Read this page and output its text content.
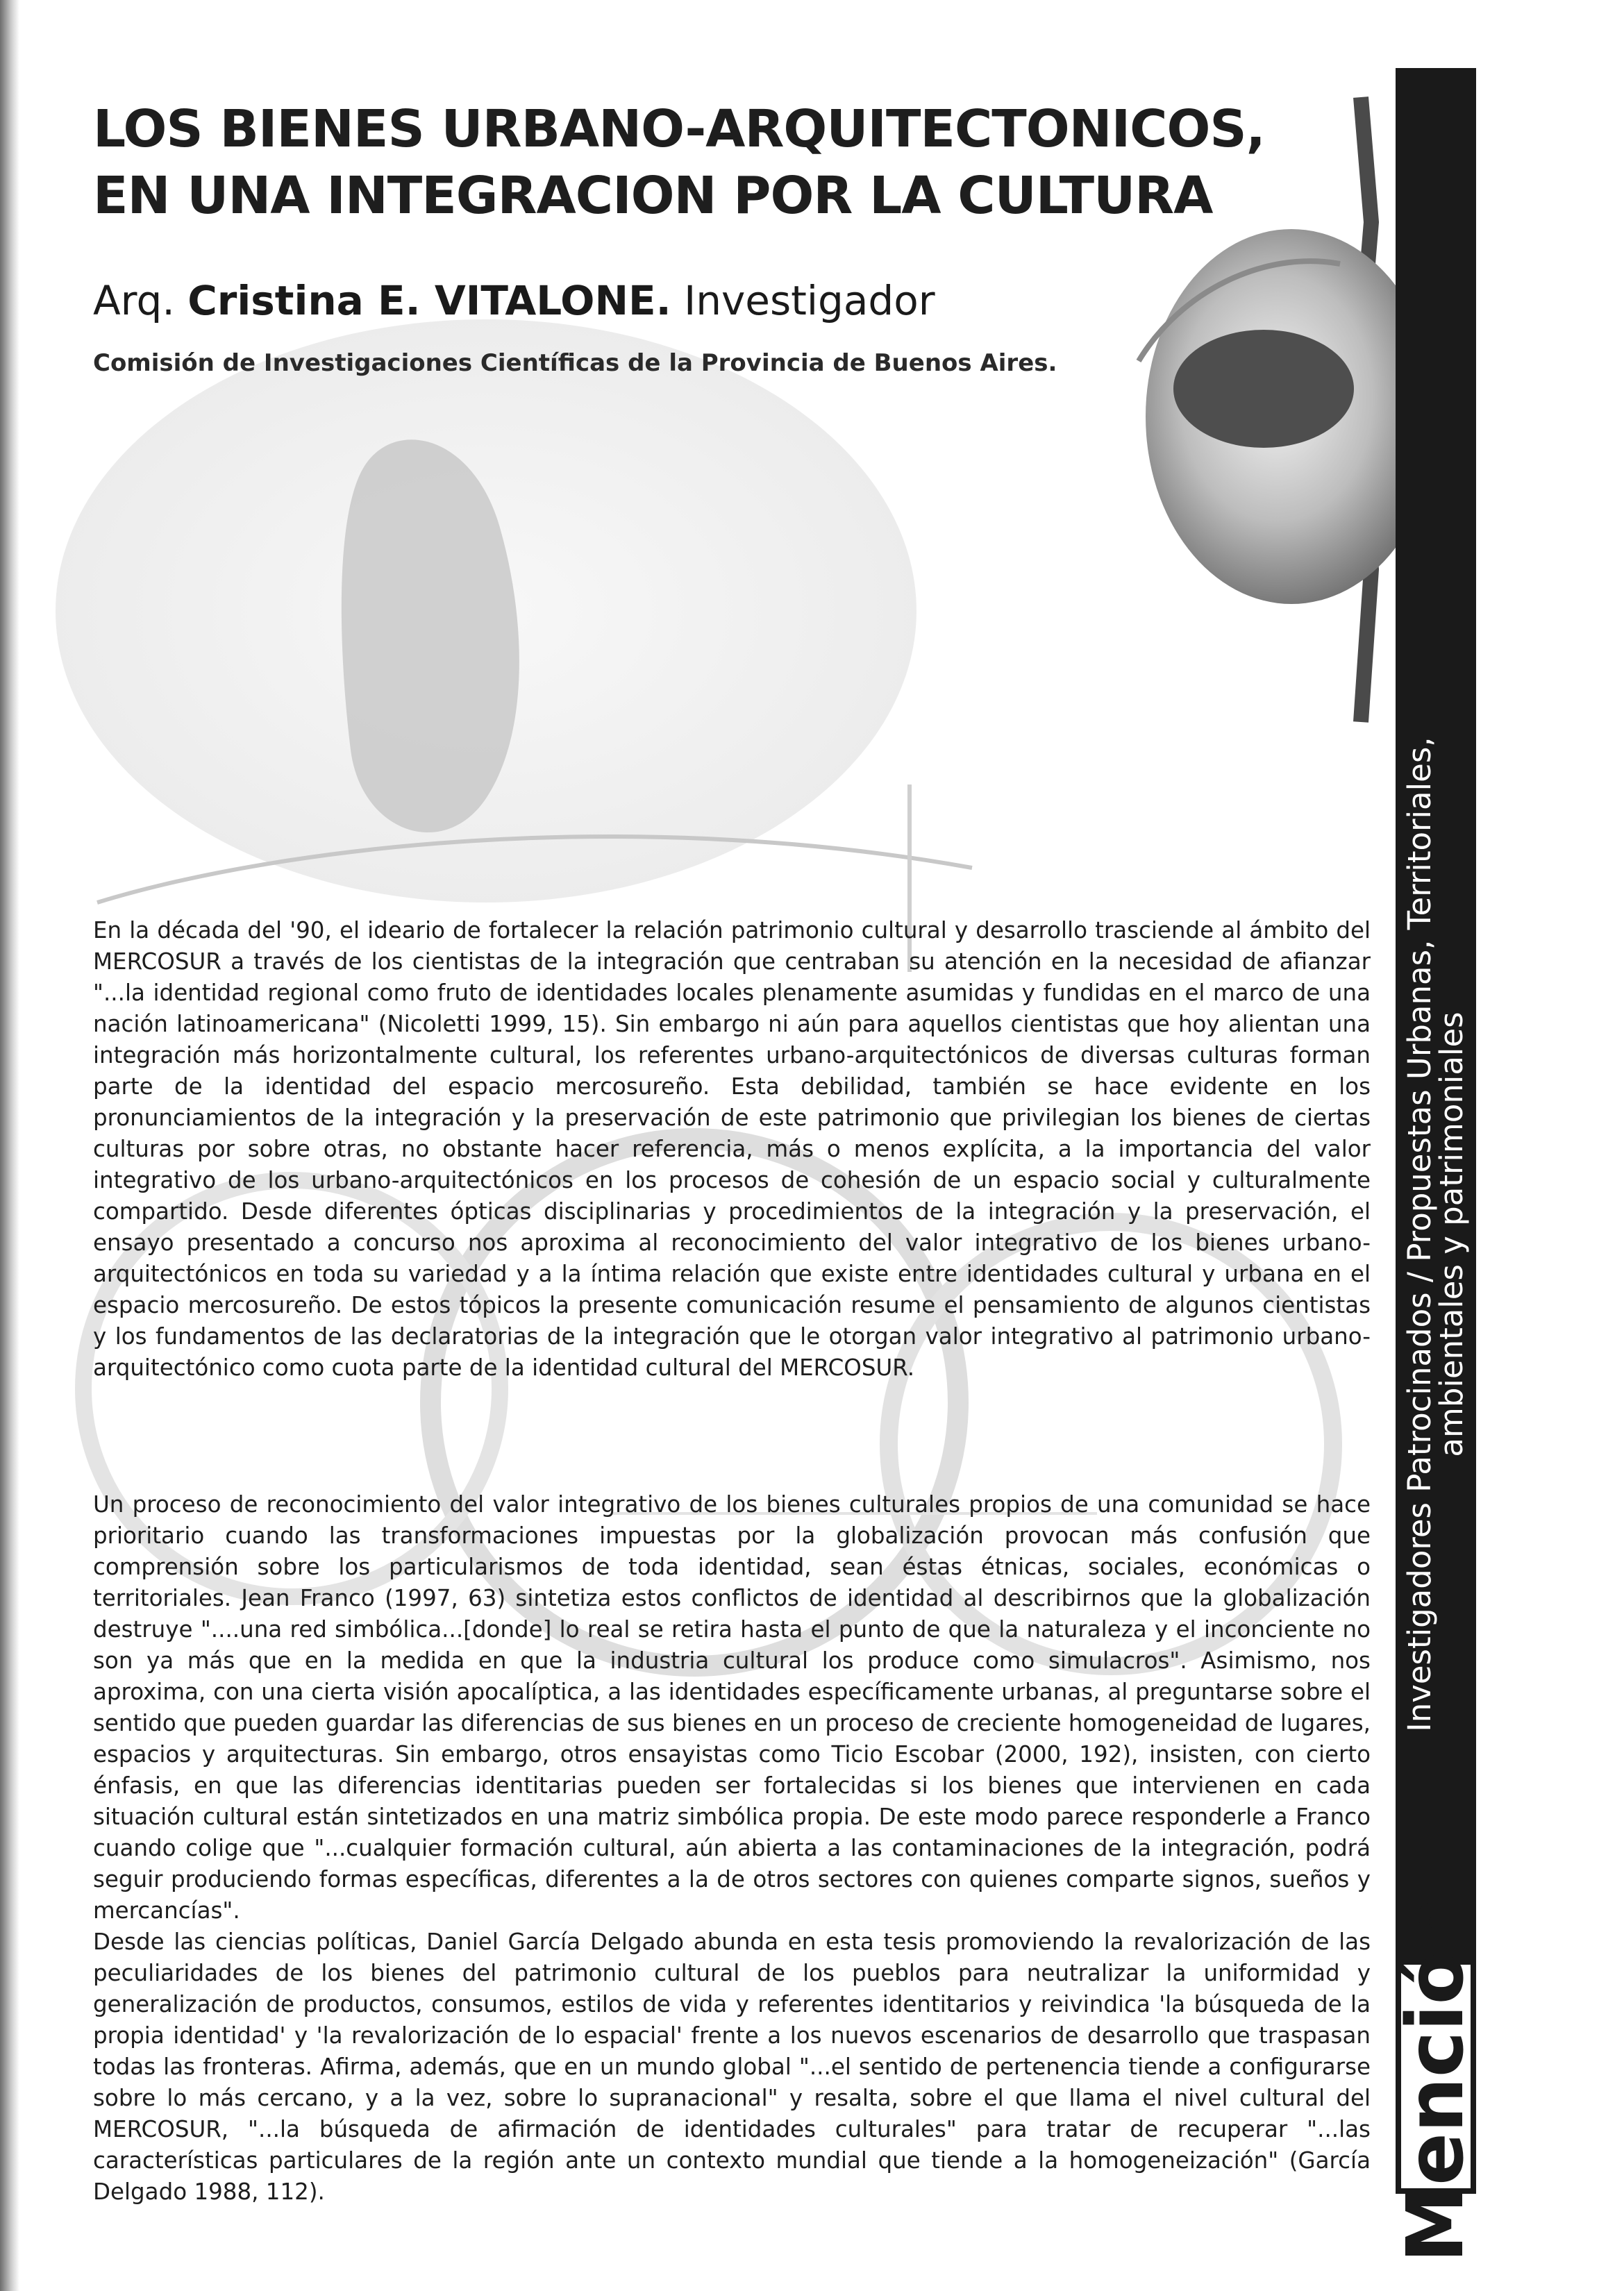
LOS BIENES URBANO-ARQUITECTONICOS,
EN UNA INTEGRACION POR LA CULTURA

Arq. Cristina E. VITALONE. Investigador

Comisión de Investigaciones Científicas de la Provincia de Buenos Aires.

En la década del '90, el ideario de fortalecer la relación patrimonio cultural y desarrollo trasciende al ámbito del MERCOSUR a través de los cientistas de la integración que centraban su atención en la necesidad de afianzar "...la identidad regional como fruto de identidades locales plenamente asumidas y fundidas en el marco de una nación latinoamericana" (Nicoletti 1999, 15). Sin embargo ni aún para aquellos cientistas que hoy alientan una integración más horizontalmente cultural, los referentes urbano-arquitectónicos de diversas culturas forman parte de la identidad del espacio mercosureño. Esta debilidad, también se hace evidente en los pronunciamientos de la integración y la preservación de este patrimonio que privilegian los bienes de ciertas culturas por sobre otras, no obstante hacer referencia, más o menos explícita, a la importancia del valor integrativo de los urbano-arquitectónicos en los procesos de cohesión de un espacio social y culturalmente compartido. Desde diferentes ópticas disciplinarias y procedimientos de la integración y la preservación, el ensayo presentado a concurso nos aproxima al reconocimiento del valor integrativo de los bienes urbano-arquitectónicos en toda su variedad y a la íntima relación que existe entre identidades cultural y urbana en el espacio mercosureño. De estos tópicos la presente comunicación resume el pensamiento de algunos cientistas y los fundamentos de las declaratorias de la integración que le otorgan valor integrativo al patrimonio urbano-arquitectónico como cuota parte de la identidad cultural del MERCOSUR.

Un proceso de reconocimiento del valor integrativo de los bienes culturales propios de una comunidad se hace prioritario cuando las transformaciones impuestas por la globalización provocan más confusión que comprensión sobre los particularismos de toda identidad, sean éstas étnicas, sociales, económicas o territoriales. Jean Franco (1997, 63) sintetiza estos conflictos de identidad al describirnos que la globalización destruye "....una red simbólica...[donde] lo real se retira hasta el punto de que la naturaleza y el inconciente no son ya más que en la medida en que la industria cultural los produce como simulacros". Asimismo, nos aproxima, con una cierta visión apocalíptica, a las identidades específicamente urbanas, al preguntarse sobre el sentido que pueden guardar las diferencias de sus bienes en un proceso de creciente homogeneidad de lugares, espacios y arquitecturas. Sin embargo, otros ensayistas como Ticio Escobar (2000, 192), insisten, con cierto énfasis, en que las diferencias identitarias pueden ser fortalecidas si los bienes que intervienen en cada situación cultural están sintetizados en una matriz simbólica propia. De este modo parece responderle a Franco cuando colige que "...cualquier formación cultural, aún abierta a las contaminaciones de la integración, podrá seguir produciendo formas específicas, diferentes a la de otros sectores con quienes comparte signos, sueños y mercancías".

Desde las ciencias políticas, Daniel García Delgado abunda en esta tesis promoviendo la revalorización de las peculiaridades de los bienes del patrimonio cultural de los pueblos para neutralizar la uniformidad y generalización de productos, consumos, estilos de vida y referentes identitarios y reivindica 'la búsqueda de la propia identidad' y 'la revalorización de lo espacial' frente a los nuevos escenarios de desarrollo que traspasan todas las fronteras. Afirma, además, que en un mundo global "...el sentido de pertenencia tiende a configurarse sobre lo más cercano, y a la vez, sobre lo supranacional" y resalta, sobre el que llama el nivel cultural del MERCOSUR, "...la búsqueda de afirmación de identidades culturales" para tratar de recuperar "...las características particulares de la región ante un contexto mundial que tiende a la homogeneización" (García Delgado 1988, 112).

Investigadores Patrocinados / Propuestas Urbanas, Territoriales,
ambientales y patrimoniales
Mención
